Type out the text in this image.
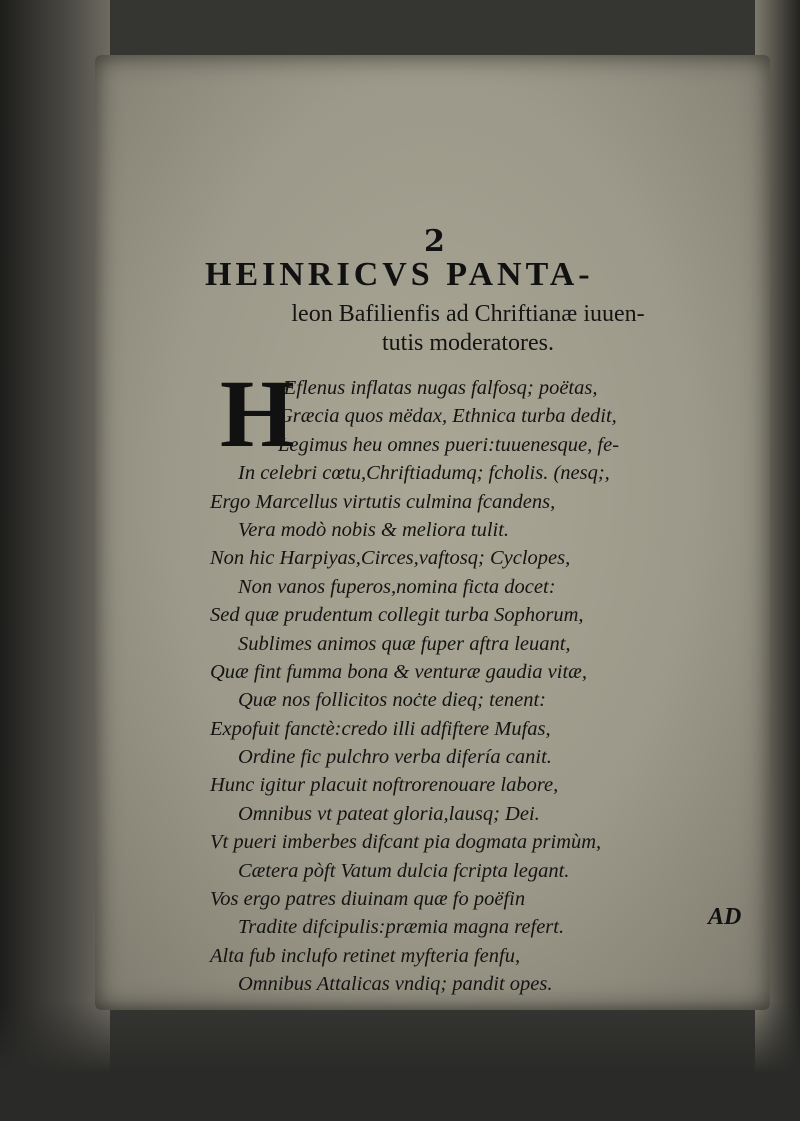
2
HEINRICVS PANTA-
leon Bafilienfis ad Chriftianæ iuuen-
tutis moderatores.
H
Æflenus inflatas nugas falfosq; poëtas,
Græcia quos mëdax, Ethnica turba dedit,
Legimus heu omnes pueri:tuuenesque, fe-
In celebri cœtu,Chriftiadumq; fcholis. (nesq;,
Ergo Marcellus virtutis culmina fcandens,
Vera modò nobis & meliora tulit.
Non hic Harpiyas,Circes,vaftosq; Cyclopes,
Non vanos fuperos,nomina ficta docet:
Sed quæ prudentum collegit turba Sophorum,
Sublimes animos quæ fuper aftra leuant,
Quæ fint fumma bona & venturæ gaudia vitæ,
Quæ nos follicitos noċte dieq; tenent:
Expofuit fanctè:credo illi adfiftere Mufas,
Ordine fic pulchro verba difería canit.
Hunc igitur placuit noftrorenouare labore,
Omnibus vt pateat gloria,lausq; Dei.
Vt pueri imberbes difcant pia dogmata primùm,
Cætera pòft Vatum dulcia fcripta legant.
Vos ergo patres diuinam quæ fo poëfin
Tradite difcipulis:præmia magna refert.
Alta fub inclufo retinet myfteria fenfu,
Omnibus Attalicas vndiq; pandit opes.
AD
